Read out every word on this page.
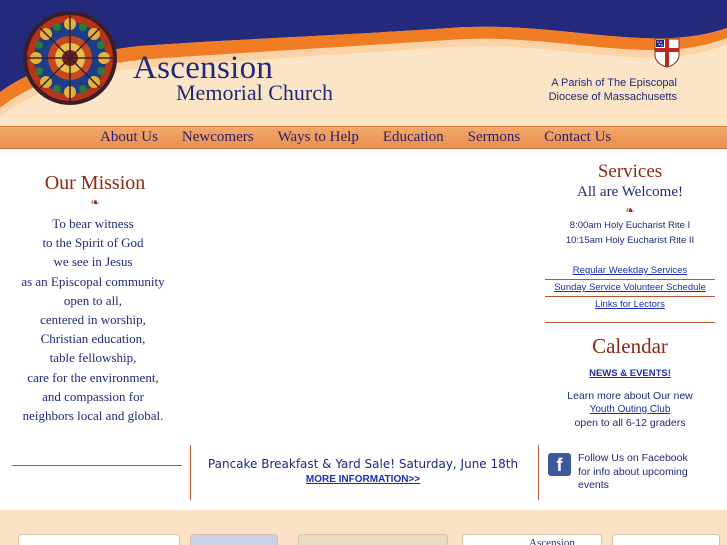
Ascension
Memorial Church	A Parish of The Episcopal
Diocese of Massachusetts
About Us	Newcomers	Ways to Help	Education	Sermons	Contact Us
Our Mission
❧
To bear witness
to the Spirit of God
we see in Jesus
as an Episcopal community
open to all,
centered in worship,
Christian education,
table fellowship,
care for the environment,
and compassion for
neighbors local and global.
Pancake Breakfast & Yard Sale! Saturday, June 18th
MORE INFORMATION>>
Services
All are Welcome!
❧
8:00am Holy Eucharist Rite I
10:15am Holy Eucharist Rite II
Regular Weekday Services
Sunday Service Volunteer Schedule
Links for Lectors
Calendar
NEWS & EVENTS!
Learn more about Our new
Youth Outing Club
open to all 6-12 graders
f	Follow Us on Facebook
for info about upcoming
events
Ascension
